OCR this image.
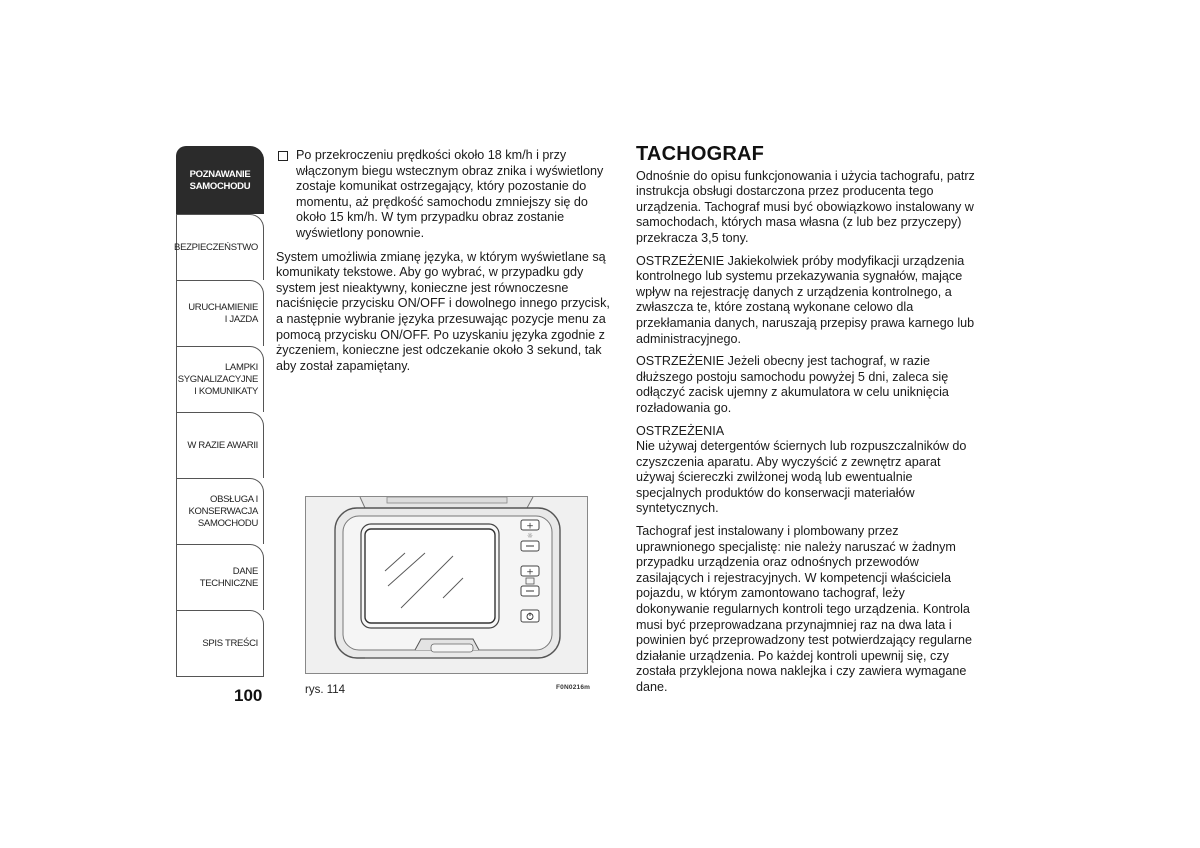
POZNAWANIE
SAMOCHODU
BEZPIECZEŃSTWO
URUCHAMIENIE
I JAZDA
LAMPKI
SYGNALIZACYJNE
I KOMUNIKATY
W RAZIE AWARII
OBSŁUGA I
KONSERWACJA
SAMOCHODU
DANE TECHNICZNE
SPIS TREŚCI
100
Po przekroczeniu prędkości około 18 km/h i przy włączonym biegu wstecznym obraz znika i wyświetlony zostaje komunikat ostrzegający, który pozostanie do momentu, aż prędkość samochodu zmniejszy się do około 15 km/h. W tym przypadku obraz zostanie wyświetlony ponownie.

System umożliwia zmianę języka, w którym wyświetlane są komunikaty tekstowe. Aby go wybrać, w przypadku gdy system jest nieaktywny, konieczne jest równoczesne naciśnięcie przycisku ON/OFF i dowolnego innego przycisk, a następnie wybranie języka przesuwając pozycje menu za pomocą przycisku ON/OFF. Po uzyskaniu języka zgodnie z życzeniem, konieczne jest odczekanie około 3 sekund, tak aby został zapamiętany.

+
☼
+
rys. 114	F0N0216m
TACHOGRAF

Odnośnie do opisu funkcjonowania i użycia tachografu, patrz instrukcja obsługi dostarczona przez producenta tego urządzenia. Tachograf musi być obowiązkowo instalowany w samochodach, których masa własna (z lub bez przyczepy) przekracza 3,5 tony.

OSTRZEŻENIE Jakiekolwiek próby modyfikacji urządzenia kontrolnego lub systemu przekazywania sygnałów, mające wpływ na rejestrację danych z urządzenia kontrolnego, a zwłaszcza te, które zostaną wykonane celowo dla przekłamania danych, naruszają przepisy prawa karnego lub administracyjnego.

OSTRZEŻENIE Jeżeli obecny jest tachograf, w razie dłuższego postoju samochodu powyżej 5 dni, zaleca się odłączyć zacisk ujemny z akumulatora w celu uniknięcia rozładowania go.

OSTRZEŻENIA

Nie używaj detergentów ściernych lub rozpuszczalników do czyszczenia aparatu. Aby wyczyścić z zewnętrz aparat używaj ściereczki zwilżonej wodą lub ewentualnie specjalnych produktów do konserwacji materiałów syntetycznych.

Tachograf jest instalowany i plombowany przez uprawnionego specjalistę: nie należy naruszać w żadnym przypadku urządzenia oraz odnośnych przewodów zasilających i rejestracyjnych. W kompetencji właściciela pojazdu, w którym zamontowano tachograf, leży dokonywanie regularnych kontroli tego urządzenia. Kontrola musi być przeprowadzana przynajmniej raz na dwa lata i powinien być przeprowadzony test potwierdzający regularne działanie urządzenia. Po każdej kontroli upewnij się, czy została przyklejona nowa naklejka i czy zawiera wymagane dane.
